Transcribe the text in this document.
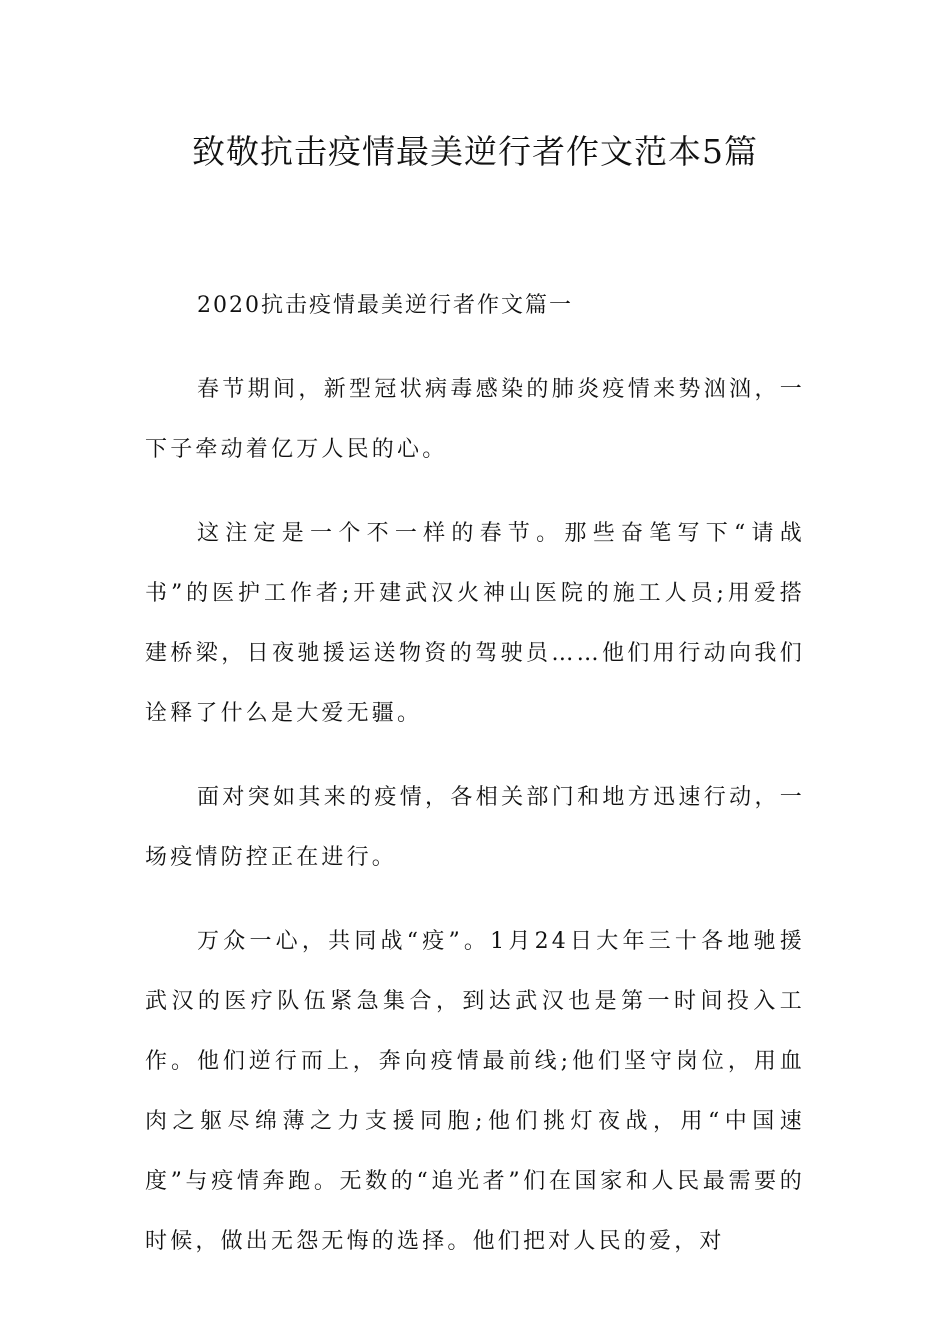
致敬抗击疫情最美逆行者作文范本5篇

2020抗击疫情最美逆行者作文篇一

春节期间，新型冠状病毒感染的肺炎疫情来势汹汹，一下子牵动着亿万人民的心。

这注定是一个不一样的春节。那些奋笔写下“请战书”的医护工作者;开建武汉火神山医院的施工人员;用爱搭建桥梁，日夜驰援运送物资的驾驶员……他们用行动向我们诠释了什么是大爱无疆。

面对突如其来的疫情，各相关部门和地方迅速行动，一场疫情防控正在进行。

万众一心，共同战“疫”。1月24日大年三十各地驰援武汉的医疗队伍紧急集合，到达武汉也是第一时间投入工作。他们逆行而上，奔向疫情最前线;他们坚守岗位，用血肉之躯尽绵薄之力支援同胞;他们挑灯夜战，用“中国速度”与疫情奔跑。无数的“追光者”们在国家和人民最需要的时候，做出无怨无悔的选择。他们把对人民的爱，对
